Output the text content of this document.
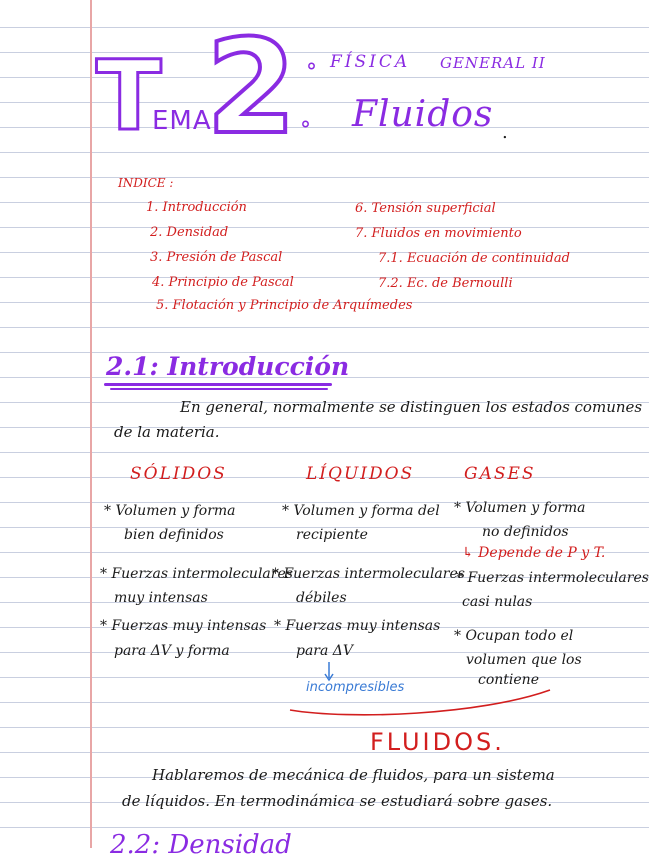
T
EMA
2 °
°
FÍSICA GENERAL II
Fluidos .
INDICE :
1. Introducción
2. Densidad
3. Presión de Pascal
4. Principio de Pascal
5. Flotación y Principio de Arquímedes
6. Tensión superficial
7. Fluidos en movimiento
7.1. Ecuación de continuidad
7.2. Ec. de Bernoulli
2.1: Introducción
En general, normalmente se distinguen los estados comunes
de la materia.
SÓLIDOS	LÍQUIDOS	GASES
* Volumen y forma
bien definidos
* Fuerzas intermoleculares
muy intensas
* Fuerzas muy intensas
para ΔV y forma
* Volumen y forma del
recipiente
* Fuerzas intermoleculares
débiles
* Fuerzas muy intensas
para ΔV
incompresibles
* Volumen y forma
no definidos
↳ Depende de P y T.
* Fuerzas intermoleculares
casi nulas
* Ocupan todo el
volumen que los
contiene
FLUIDOS.
Hablaremos de mecánica de fluidos, para un sistema
de líquidos. En termodinámica se estudiará sobre gases.
2.2: Densidad
